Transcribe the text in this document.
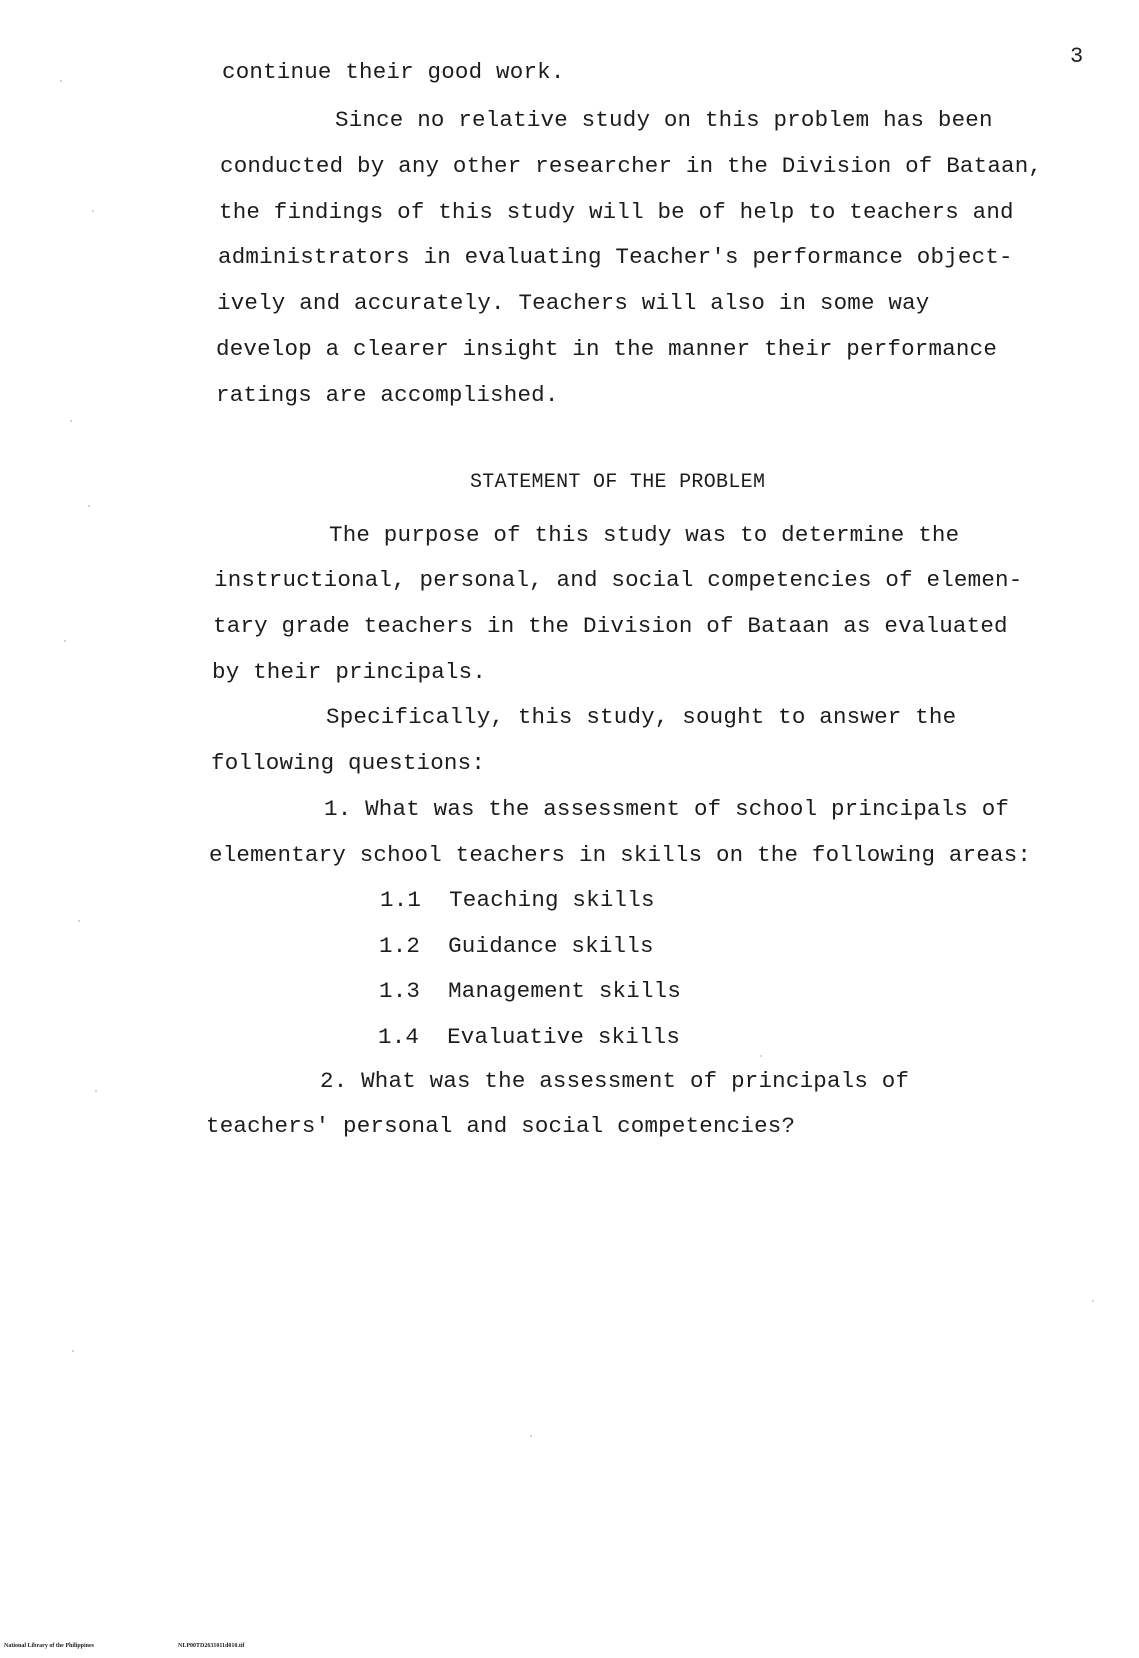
3
continue their good work.
Since no relative study on this problem has been
conducted by any other researcher in the Division of Bataan,
the findings of this study will be of help to teachers and
administrators in evaluating Teacher's performance object-
ively and accurately. Teachers will also in some way
develop a clearer insight in the manner their performance
ratings are accomplished.
STATEMENT OF THE PROBLEM
The purpose of this study was to determine the
instructional, personal, and social competencies of elemen-
tary grade teachers in the Division of Bataan as evaluated
by their principals.
Specifically, this study, sought to answer the
following questions:
1. What was the assessment of school principals of
elementary school teachers in skills on the following areas:
1.1 Teaching skills
1.2 Guidance skills
1.3 Management skills
1.4 Evaluative skills
2. What was the assessment of principals of
teachers' personal and social competencies?
National Library of the Philippines	NLP00TD2631011d010.tif
